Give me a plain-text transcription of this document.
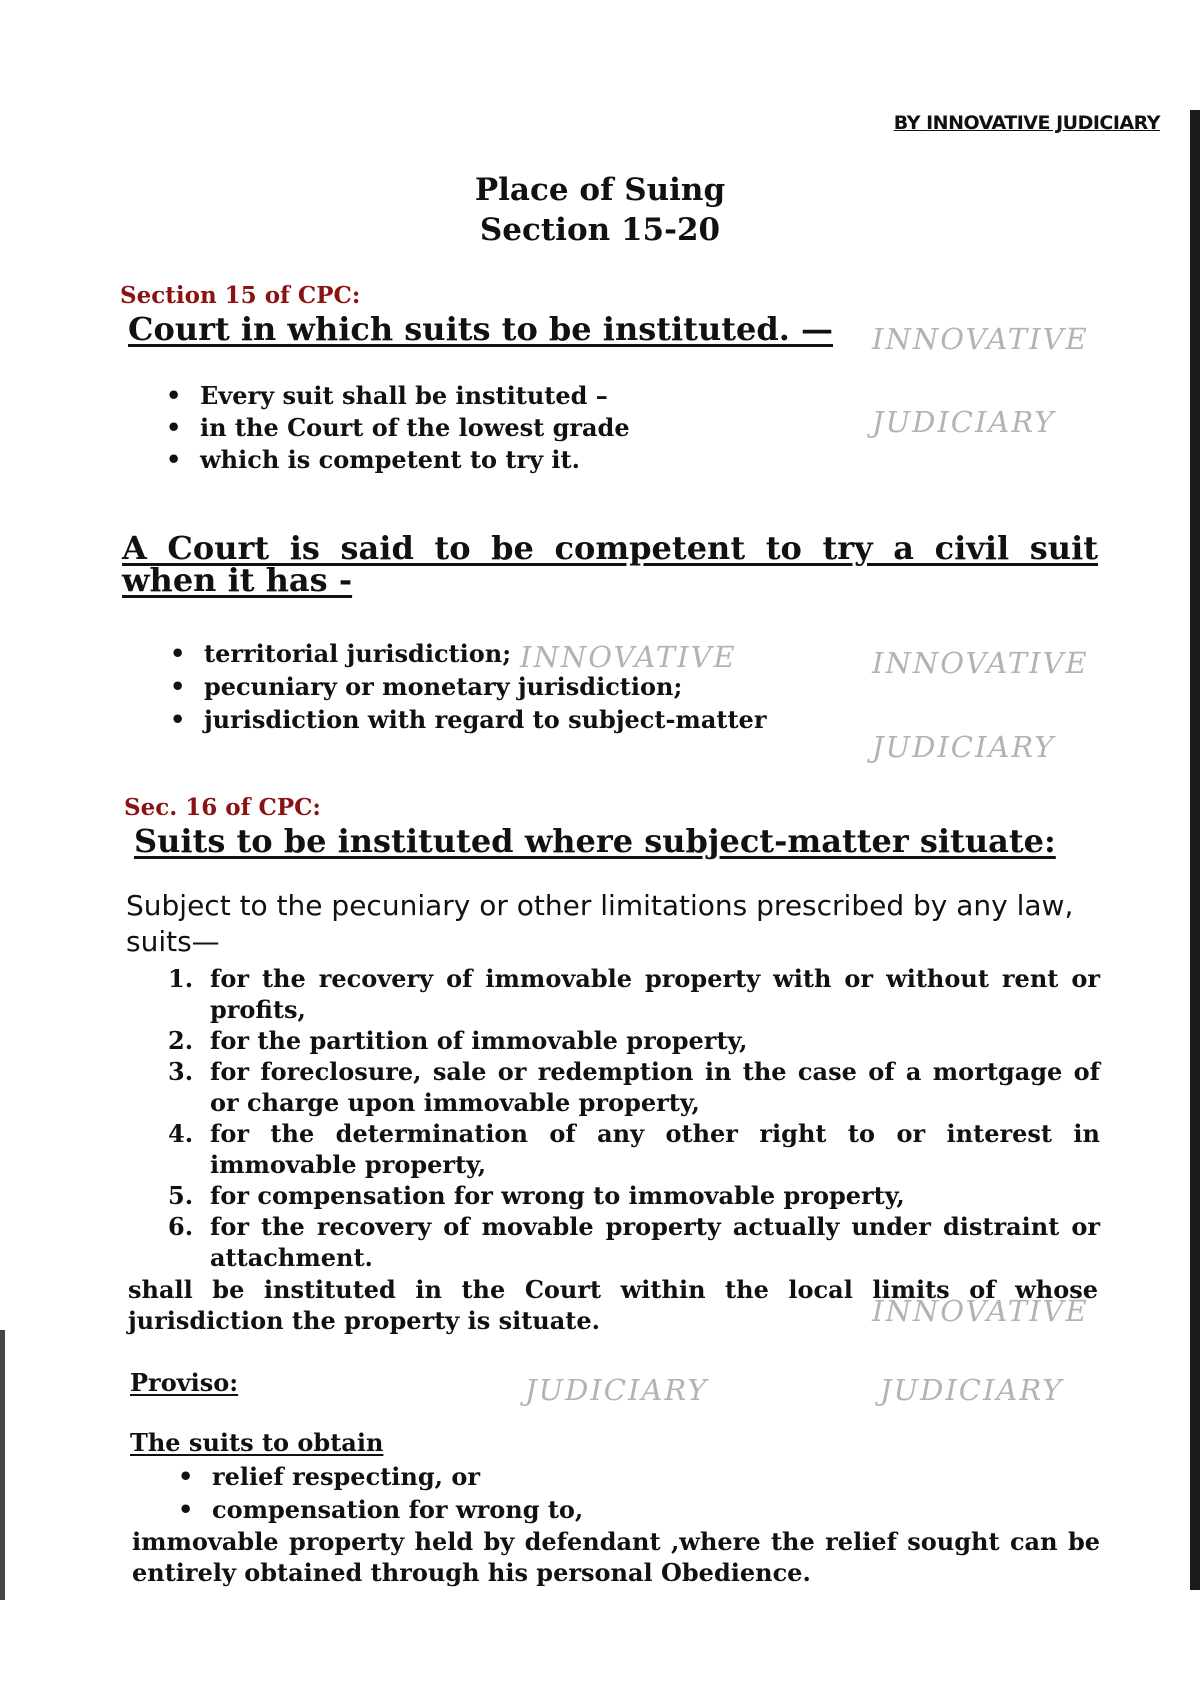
INNOVATIVE
JUDICIARY
INNOVATIVE	INNOVATIVE
JUDICIARY
INNOVATIVE
JUDICIARY	JUDICIARY
BY INNOVATIVE JUDICIARY
Place of Suing
Section 15-20
Section 15 of CPC:
Court in which suits to be instituted. —
• Every suit shall be instituted –
• in the Court of the lowest grade
• which is competent to try it.
A Court is said to be competent to try a civil suit
when it has -
• territorial jurisdiction;
• pecuniary or monetary jurisdiction;
• jurisdiction with regard to subject-matter
Sec. 16 of CPC:
Suits to be instituted where subject-matter situate:
Subject to the pecuniary or other limitations prescribed by any law, suits—
1. for the recovery of immovable property with or without rent or profits,
2. for the partition of immovable property,
3. for foreclosure, sale or redemption in the case of a mortgage of or charge upon immovable property,
4. for the determination of any other right to or interest in immovable property,
5. for compensation for wrong to immovable property,
6. for the recovery of movable property actually under distraint or attachment.
shall be instituted in the Court within the local limits of whose jurisdiction the property is situate.
Proviso:
The suits to obtain
• relief respecting, or
• compensation for wrong to,
immovable property held by defendant ,where the relief sought can be entirely obtained through his personal Obedience.
